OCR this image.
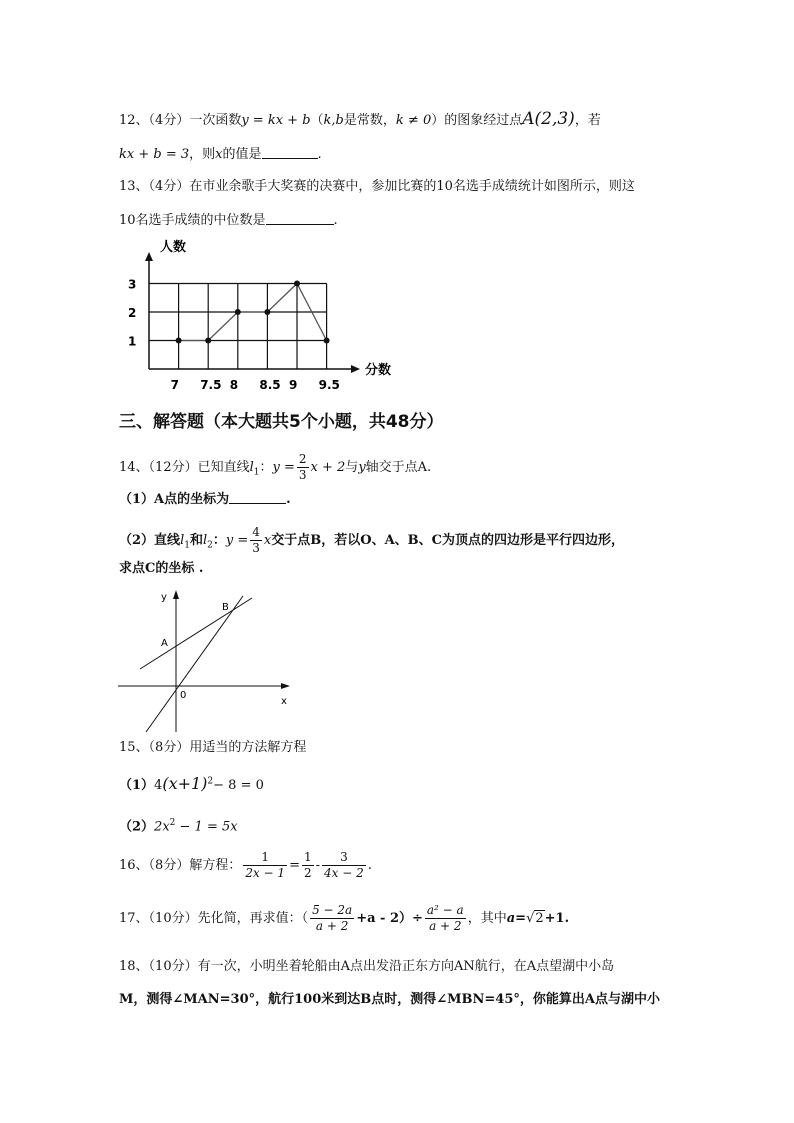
12、（4分）一次函数y = kx + b（k,b是常数，k ≠ 0）的图象经过点A(2,3)，若
kx + b = 3，则x的值是	.
13、（4分）在市业余歌手大奖赛的决赛中，参加比赛的10名选手成绩统计如图所示，则这
10名选手成绩的中位数是	.
人数
分数
1
2
3
7 7.5 8 8.5 9 9.5
三、解答题（本大题共5个小题，共48分）
14、（12分）已知直线$l_1$：$y = \frac{2}{3}$ x + 2与y轴交于点A.
（1）A点的坐标为	.
（2）直线$l_1$和$l_2$：$y = \frac{4}{3}$ x交于点B，若以O、A、B、C为顶点的四边形是平行四边形，
求点C的坐标 .
y
x
A
B
0
15、（8分）用适当的方法解方程
$(1)4(x+1)^2- 8 = 0$
$(2)2x^2 - 1 = 5x$
16、（8分）解方程： $\frac{1}{2x - 1} = \frac{1}{2} - \frac{3}{4x - 2}$ .
17、（10分）先化简，再求值：（ $\frac{5 - 2a}{a + 2} +a - 2)\div \frac{\text{a² − a}}{a + 2}$ ，其中a=√2+1.
18、（10分）有一次，小明坐着轮船由A点出发沿正东方向AN航行，在A点望湖中小岛
M，测得∠MAN=30°，航行100米到达B点时，测得∠MBN=45°，你能算出A点与湖中小
